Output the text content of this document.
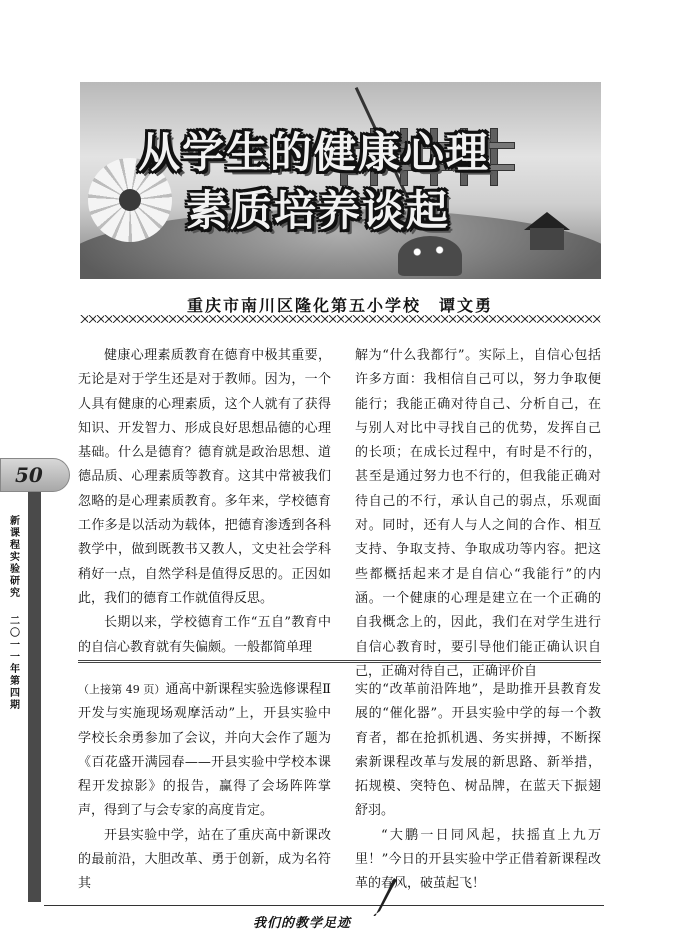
50
新课程实验研究
二〇一一年第四期
从学生的健康心理
素质培养谈起
重庆市南川区隆化第五小学校　谭文勇

健康心理素质教育在德育中极其重要，无论是对于学生还是对于教师。因为，一个人具有健康的心理素质，这个人就有了获得知识、开发智力、形成良好思想品德的心理基础。什么是德育？德育就是政治思想、道德品质、心理素质等教育。这其中常被我们忽略的是心理素质教育。多年来，学校德育工作多是以活动为载体，把德育渗透到各科教学中，做到既教书又教人，文史社会学科稍好一点，自然学科是值得反思的。正因如此，我们的德育工作就值得反思。

长期以来，学校德育工作“五自”教育中的自信心教育就有失偏颇。一般都简单理

解为“什么我都行”。实际上，自信心包括许多方面：我相信自己可以，努力争取便能行；我能正确对待自己、分析自己，在与别人对比中寻找自己的优势，发挥自己的长项；在成长过程中，有时是不行的，甚至是通过努力也不行的，但我能正确对待自己的不行，承认自己的弱点，乐观面对。同时，还有人与人之间的合作、相互支持、争取支持、争取成功等内容。把这些都概括起来才是自信心“我能行”的内涵。一个健康的心理是建立在一个正确的自我概念上的，因此，我们在对学生进行自信心教育时，要引导他们能正确认识自己，正确对待自己，正确评价自

（上接第 49 页）通高中新课程实验选修课程Ⅱ开发与实施现场观摩活动”上，开县实验中学校长余勇参加了会议，并向大会作了题为《百花盛开满园春——开县实验中学校本课程开发掠影》的报告，赢得了会场阵阵掌声，得到了与会专家的高度肯定。

开县实验中学，站在了重庆高中新课改的最前沿，大胆改革、勇于创新，成为名符其

实的“改革前沿阵地”，是助推开县教育发展的“催化器”。开县实验中学的每一个教育者，都在抢抓机遇、务实拼搏，不断探索新课程改革与发展的新思路、新举措，拓规模、突特色、树品牌，在蓝天下振翅舒羽。

“大鹏一日同风起，扶摇直上九万里！”今日的开县实验中学正借着新课程改革的春风，破茧起飞！

我们的教学足迹
